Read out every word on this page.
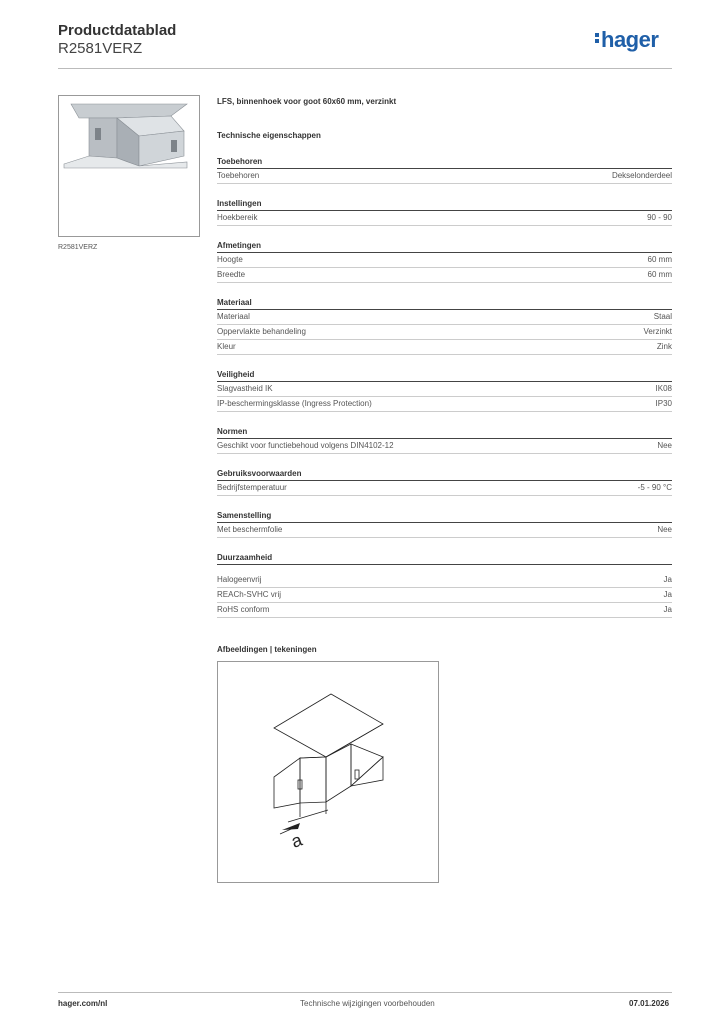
Productdatablad
R2581VERZ	hager
R2581VERZ
LFS, binnenhoek voor goot 60x60 mm, verzinkt
Technische eigenschappen
Toebehoren
Toebehoren	Dekselonderdeel
Instellingen
Hoekbereik	90 - 90
Afmetingen
Hoogte	60 mm
Breedte	60 mm
Materiaal
Materiaal	Staal
Oppervlakte behandeling	Verzinkt
Kleur	Zink
Veiligheid
Slagvastheid IK	IK08
IP-beschermingsklasse (Ingress Protection)	IP30
Normen
Geschikt voor functiebehoud volgens DIN4102-12	Nee
Gebruiksvoorwaarden
Bedrijfstemperatuur	-5 - 90 °C
Samenstelling
Met beschermfolie	Nee
Duurzaamheid
Halogeenvrij	Ja
REACh-SVHC vrij	Ja
RoHS conform	Ja
Afbeeldingen | tekeningen
a
hager.com/nl	Technische wijzigingen voorbehouden	07.01.2026
